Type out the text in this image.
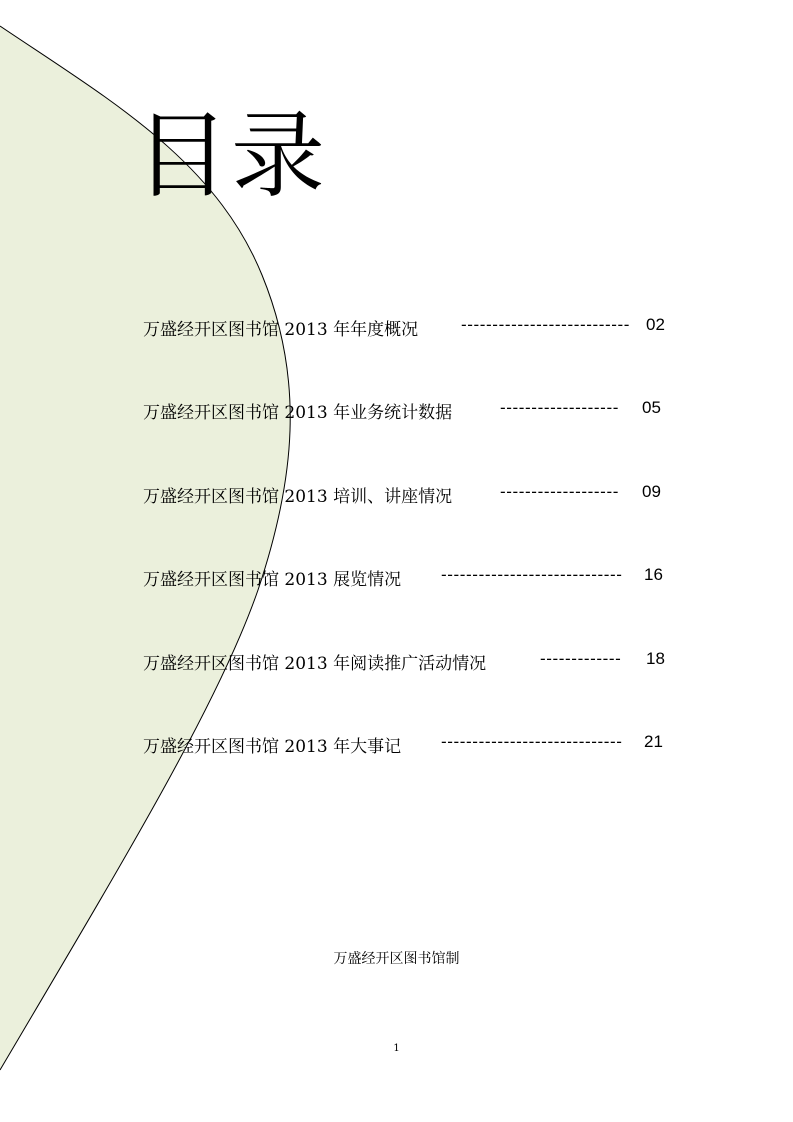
目录
万盛经开区图书馆 2013 年年度概况	--------------------------- 02
万盛经开区图书馆 2013 年业务统计数据	------------------- 05
万盛经开区图书馆 2013 培训、讲座情况	------------------- 09
万盛经开区图书馆 2013 展览情况 ----------------------------- 16
万盛经开区图书馆 2013 年阅读推广活动情况	------------- 18
万盛经开区图书馆 2013 年大事记 ----------------------------- 21
万盛经开区图书馆制
1
